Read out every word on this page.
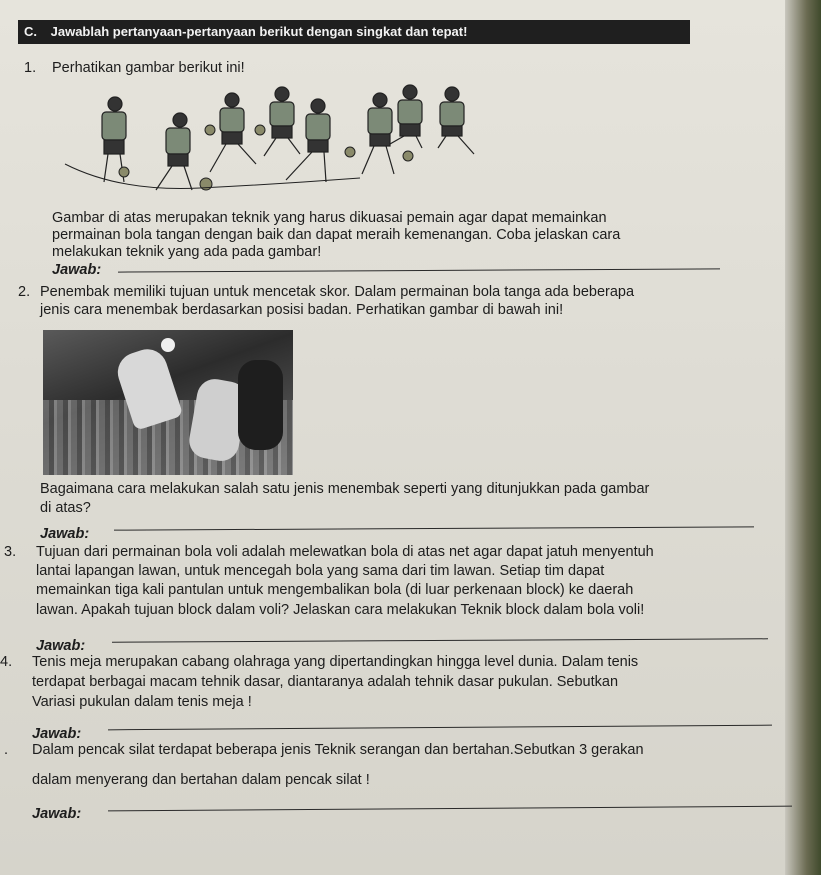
C. Jawablah pertanyaan-pertanyaan berikut dengan singkat dan tepat!
1. Perhatikan gambar berikut ini!
Gambar di atas merupakan teknik yang harus dikuasai pemain agar dapat memainkan
permainan bola tangan dengan baik dan dapat meraih kemenangan. Coba jelaskan cara
melakukan teknik yang ada pada gambar!
Jawab:
2. Penembak memiliki tujuan untuk mencetak skor. Dalam permainan bola tanga ada beberapa
jenis cara menembak berdasarkan posisi badan. Perhatikan gambar di bawah ini!
Bagaimana cara melakukan salah satu jenis menembak seperti yang ditunjukkan pada gambar
di atas?
Jawab:
3. Tujuan dari permainan bola voli adalah melewatkan bola di atas net agar dapat jatuh menyentuh
lantai lapangan lawan, untuk mencegah bola yang sama dari tim lawan. Setiap tim dapat
memainkan tiga kali pantulan untuk mengembalikan bola (di luar perkenaan block) ke daerah
lawan. Apakah tujuan block dalam voli? Jelaskan cara melakukan Teknik block dalam bola voli!
Jawab:
4. Tenis meja merupakan cabang olahraga yang dipertandingkan hingga level dunia. Dalam tenis
terdapat berbagai macam tehnik dasar, diantaranya adalah tehnik dasar pukulan. Sebutkan
Variasi pukulan dalam tenis meja !
Jawab:
. Dalam pencak silat terdapat beberapa jenis Teknik serangan dan bertahan.Sebutkan 3 gerakan
dalam menyerang dan bertahan dalam pencak silat !
Jawab:
